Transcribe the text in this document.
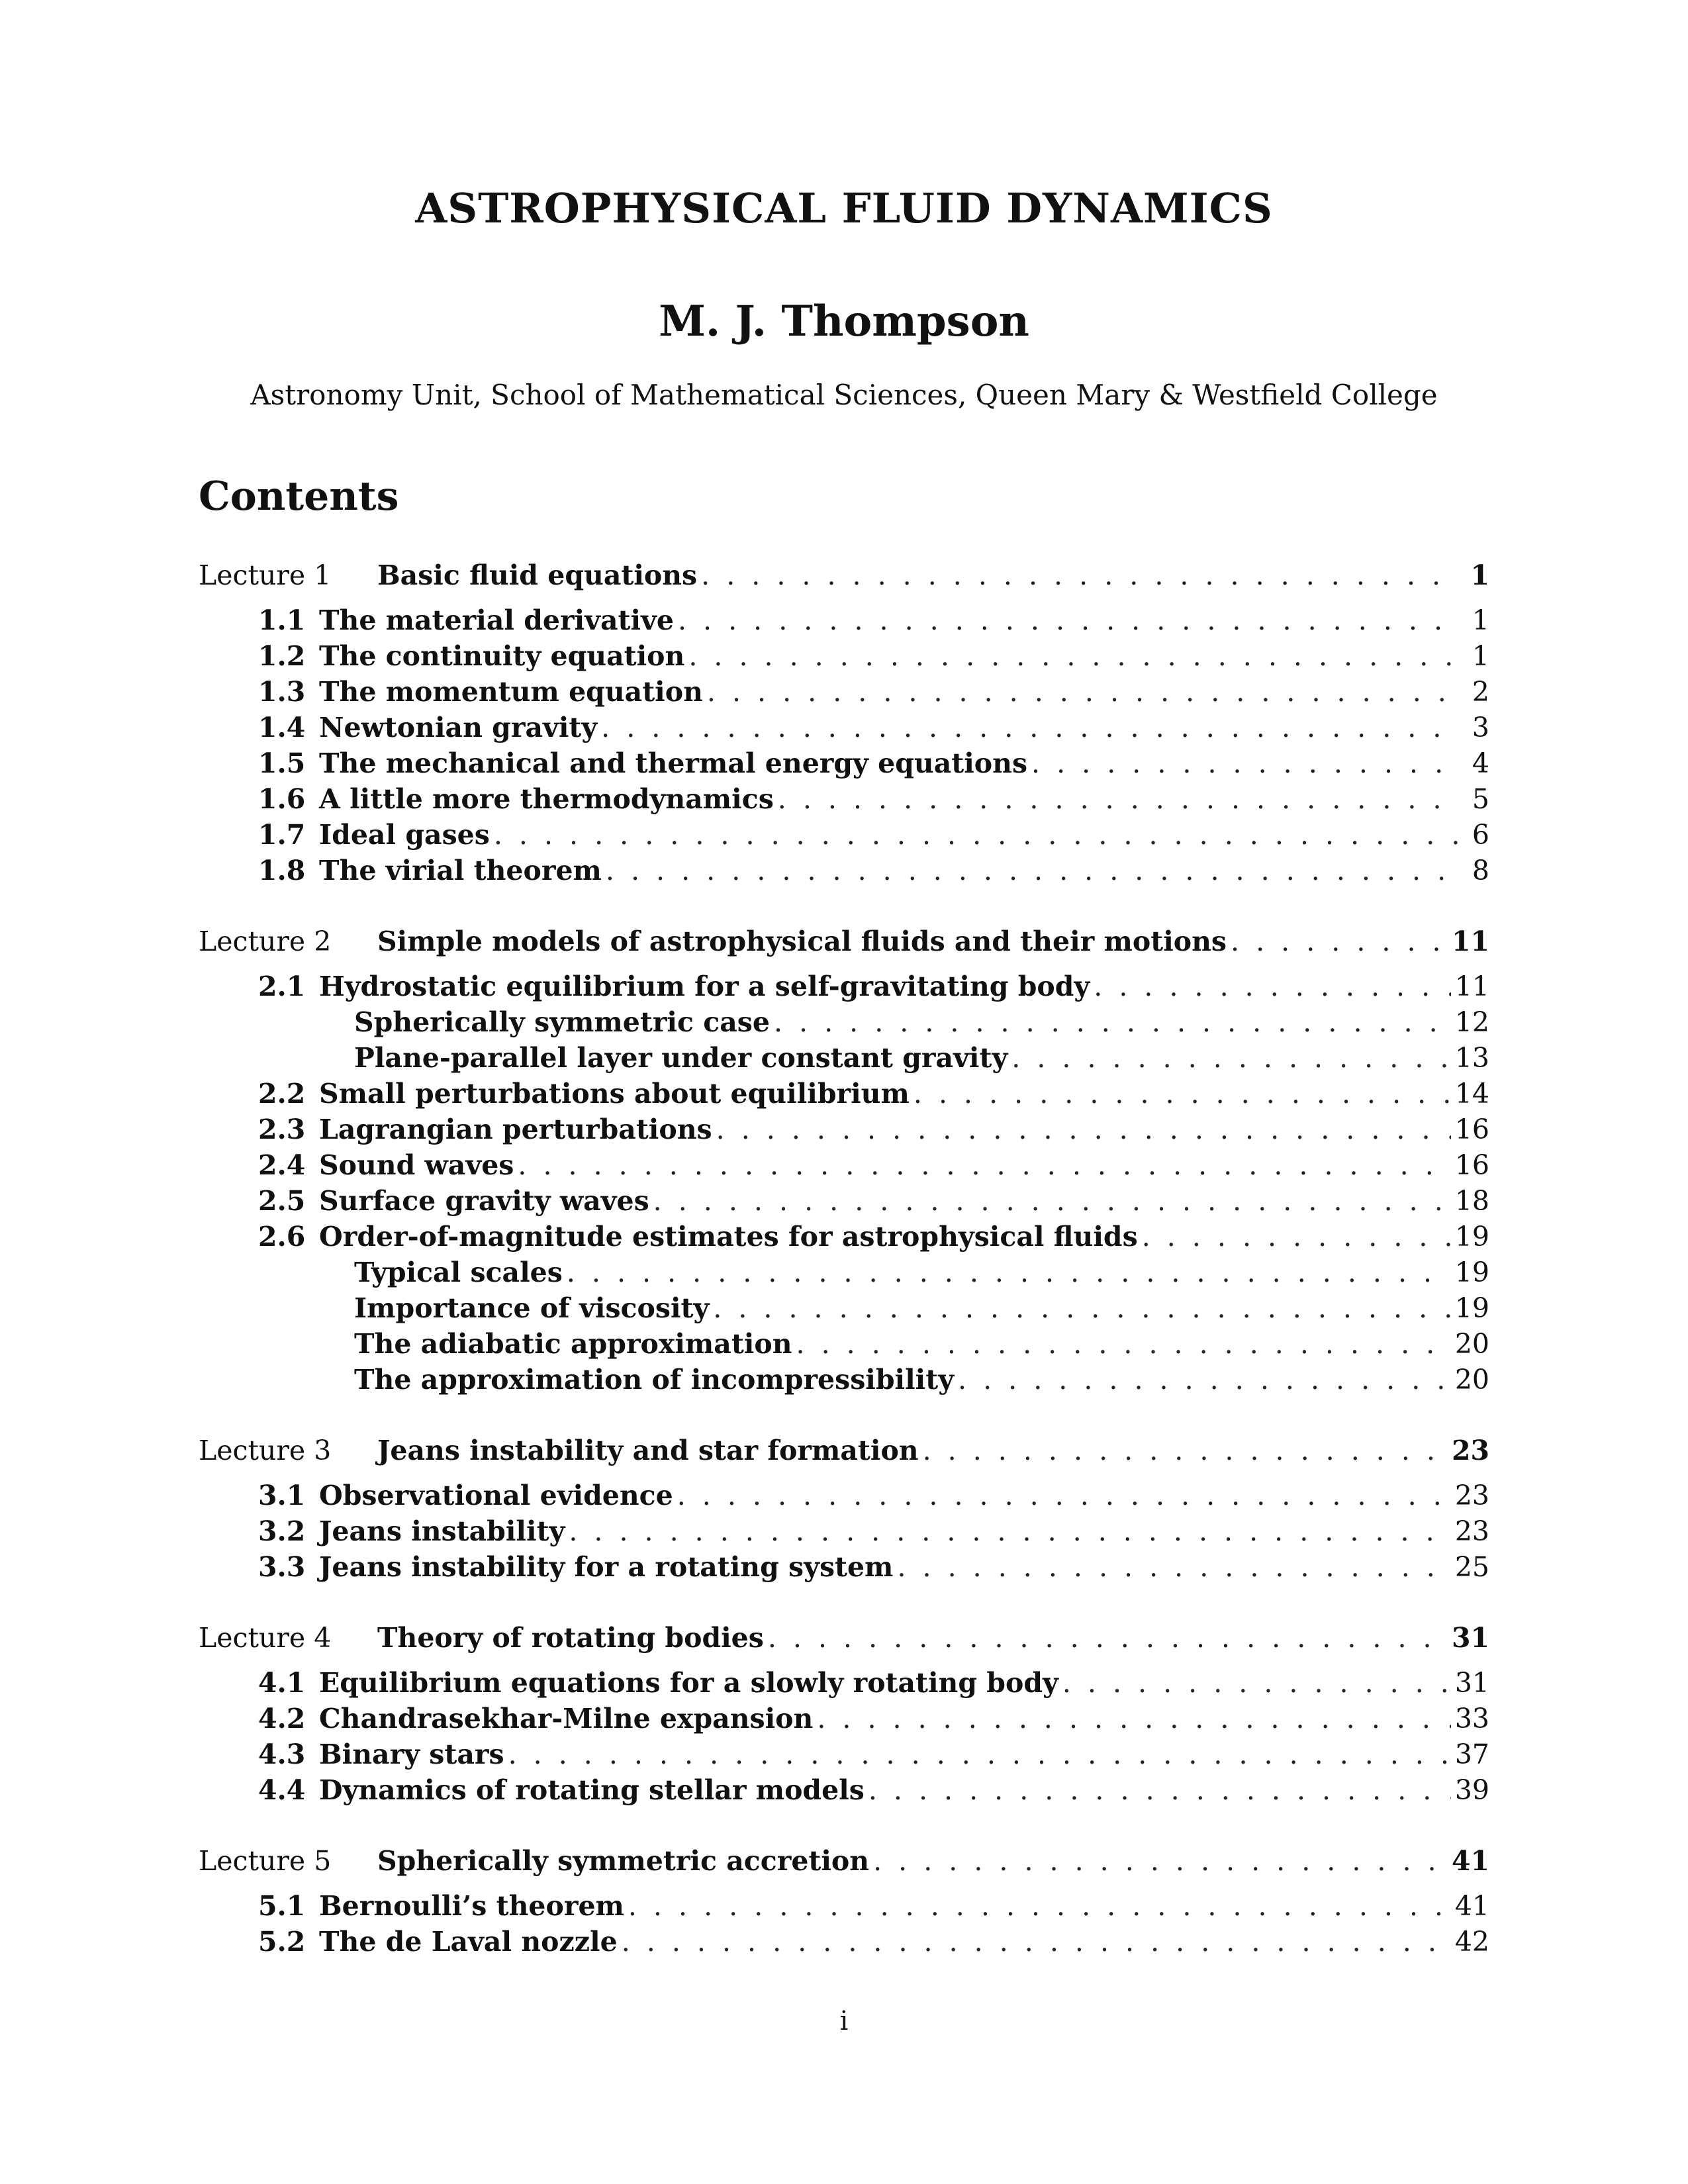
ASTROPHYSICAL FLUID DYNAMICS
M. J. Thompson
Astronomy Unit, School of Mathematical Sciences, Queen Mary & Westfield College
Contents
Lecture 1	Basic fluid equations . . .	1
1.1 The material derivative . . .	1
1.2 The continuity equation . . .	1
1.3 The momentum equation . . .	2
1.4 Newtonian gravity . . .	3
1.5 The mechanical and thermal energy equations . . .	4
1.6 A little more thermodynamics . . .	5
1.7 Ideal gases . . .	6
1.8 The virial theorem . . .	8
Lecture 2	Simple models of astrophysical fluids and their motions . . .	11
2.1 Hydrostatic equilibrium for a self-gravitating body . . .	11
Spherically symmetric case . . .	12
Plane-parallel layer under constant gravity . . .	13
2.2 Small perturbations about equilibrium . . .	14
2.3 Lagrangian perturbations . . .	16
2.4 Sound waves . . .	16
2.5 Surface gravity waves . . .	18
2.6 Order-of-magnitude estimates for astrophysical fluids . . .	19
Typical scales . . .	19
Importance of viscosity . . .	19
The adiabatic approximation . . .	20
The approximation of incompressibility . . .	20
Lecture 3	Jeans instability and star formation . . .	23
3.1 Observational evidence . . .	23
3.2 Jeans instability . . .	23
3.3 Jeans instability for a rotating system . . .	25
Lecture 4	Theory of rotating bodies . . .	31
4.1 Equilibrium equations for a slowly rotating body . . .	31
4.2 Chandrasekhar-Milne expansion . . .	33
4.3 Binary stars . . .	37
4.4 Dynamics of rotating stellar models . . .	39
Lecture 5	Spherically symmetric accretion . . .	41
5.1 Bernoulli’s theorem . . .	41
5.2 The de Laval nozzle . . .	42
i
